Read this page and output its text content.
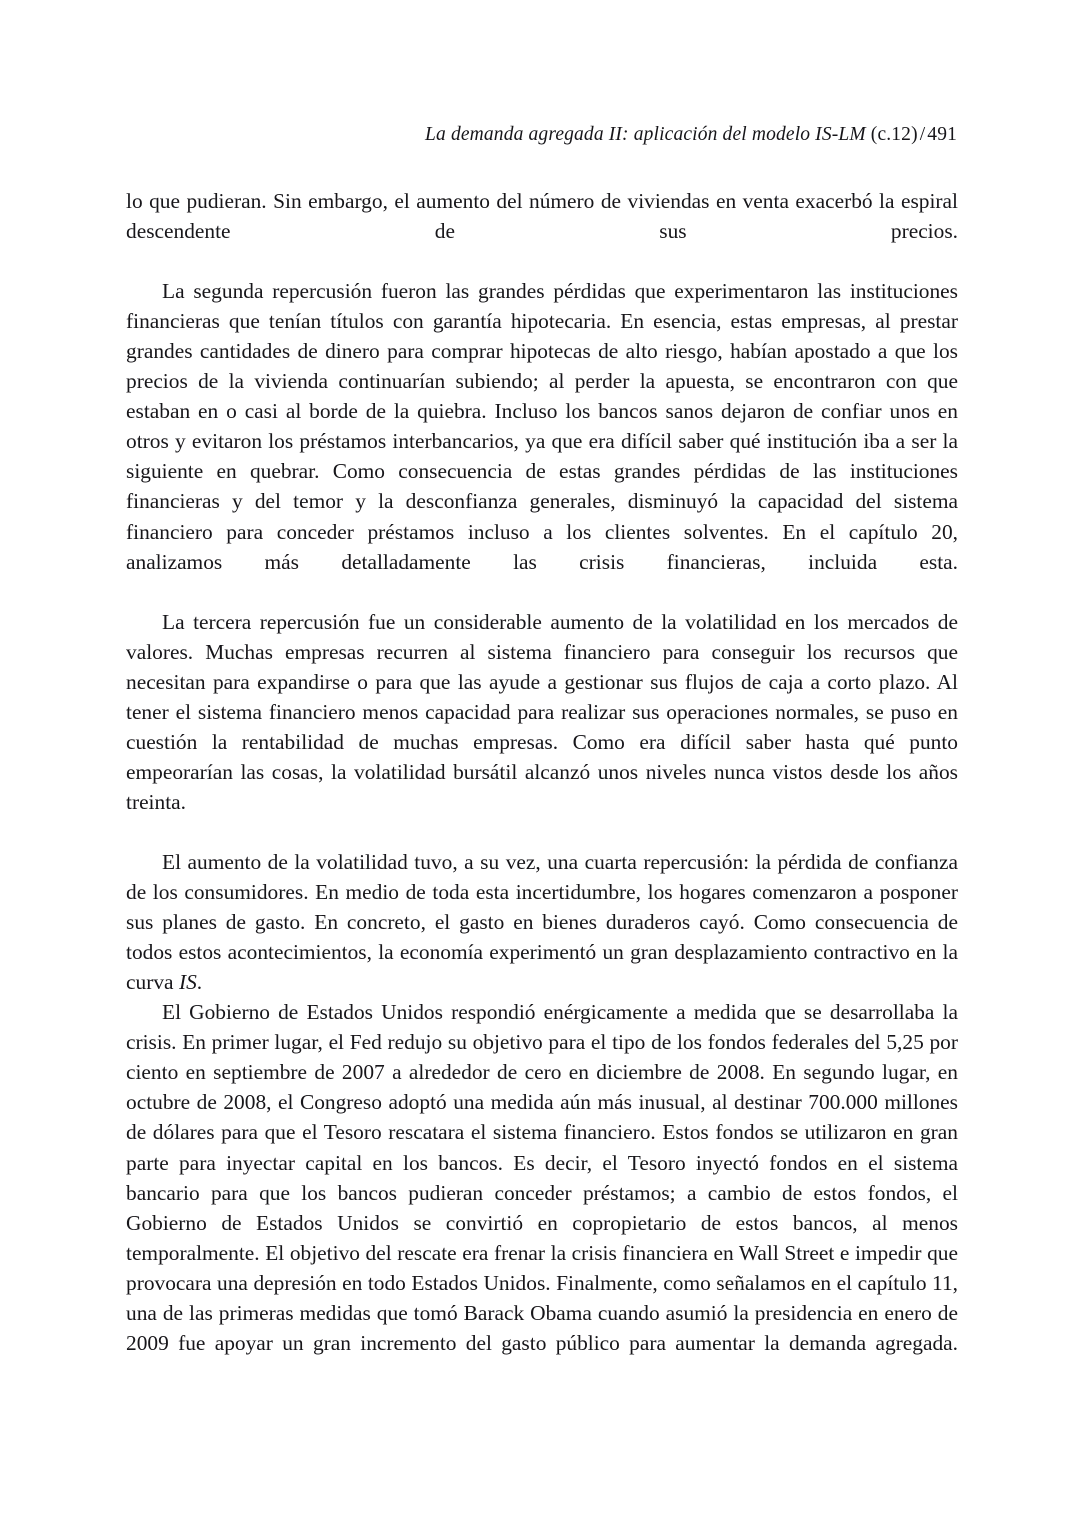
La demanda agregada II: aplicación del modelo IS-LM (c.12) / 491

lo que pudieran. Sin embargo, el aumento del número de viviendas en venta exacerbó la espiral descendente de sus precios.

La segunda repercusión fueron las grandes pérdidas que experimentaron las instituciones financieras que tenían títulos con garantía hipotecaria. En esencia, estas empresas, al prestar grandes cantidades de dinero para comprar hipotecas de alto riesgo, habían apostado a que los precios de la vivienda continuarían subiendo; al perder la apuesta, se encontraron con que estaban en o casi al borde de la quiebra. Incluso los bancos sanos dejaron de confiar unos en otros y evitaron los préstamos interbancarios, ya que era difícil saber qué institución iba a ser la siguiente en quebrar. Como consecuencia de estas grandes pérdidas de las instituciones financieras y del temor y la desconfianza generales, disminuyó la capacidad del sistema financiero para conceder préstamos incluso a los clientes solventes. En el capítulo 20, analizamos más detalladamente las crisis financieras, incluida esta.

La tercera repercusión fue un considerable aumento de la volatilidad en los mercados de valores. Muchas empresas recurren al sistema financiero para conseguir los recursos que necesitan para expandirse o para que las ayude a gestionar sus flujos de caja a corto plazo. Al tener el sistema financiero menos capacidad para realizar sus operaciones normales, se puso en cuestión la rentabilidad de muchas empresas. Como era difícil saber hasta qué punto empeorarían las cosas, la volatilidad bursátil alcanzó unos niveles nunca vistos desde los años treinta.

El aumento de la volatilidad tuvo, a su vez, una cuarta repercusión: la pérdida de confianza de los consumidores. En medio de toda esta incertidumbre, los hogares comenzaron a posponer sus planes de gasto. En concreto, el gasto en bienes duraderos cayó. Como consecuencia de todos estos acontecimientos, la economía experimentó un gran desplazamiento contractivo en la curva IS.

El Gobierno de Estados Unidos respondió enérgicamente a medida que se desarrollaba la crisis. En primer lugar, el Fed redujo su objetivo para el tipo de los fondos federales del 5,25 por ciento en septiembre de 2007 a alrededor de cero en diciembre de 2008. En segundo lugar, en octubre de 2008, el Congreso adoptó una medida aún más inusual, al destinar 700.000 millones de dólares para que el Tesoro rescatara el sistema financiero. Estos fondos se utilizaron en gran parte para inyectar capital en los bancos. Es decir, el Tesoro inyectó fondos en el sistema bancario para que los bancos pudieran conceder préstamos; a cambio de estos fondos, el Gobierno de Estados Unidos se convirtió en copropietario de estos bancos, al menos temporalmente. El objetivo del rescate era frenar la crisis financiera en Wall Street e impedir que provocara una depresión en todo Estados Unidos. Finalmente, como señalamos en el capítulo 11, una de las primeras medidas que tomó Barack Obama cuando asumió la presidencia en enero de 2009 fue apoyar un gran incremento del gasto público para aumentar la demanda agregada.
